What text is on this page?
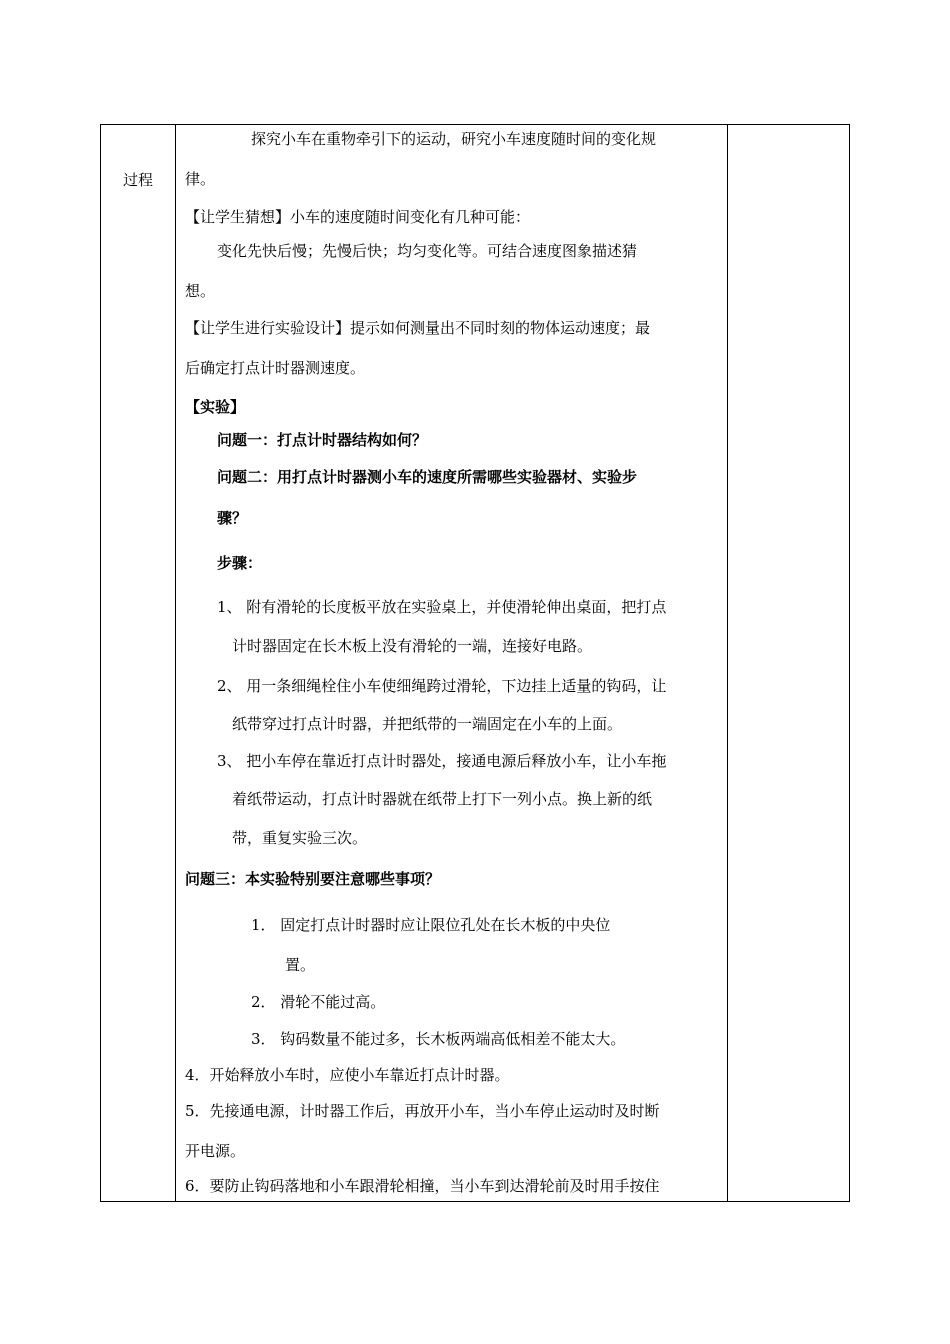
过程
探究小车在重物牵引下的运动，研究小车速度随时间的变化规
律。
【让学生猜想】小车的速度随时间变化有几种可能：
变化先快后慢；先慢后快；均匀变化等。可结合速度图象描述猜
想。
【让学生进行实验设计】提示如何测量出不同时刻的物体运动速度；最
后确定打点计时器测速度。
【实验】
问题一：打点计时器结构如何？
问题二：用打点计时器测小车的速度所需哪些实验器材、实验步
骤？
步骤：
1、 附有滑轮的长度板平放在实验桌上，并使滑轮伸出桌面，把打点
计时器固定在长木板上没有滑轮的一端，连接好电路。
2、 用一条细绳栓住小车使细绳跨过滑轮，下边挂上适量的钩码，让
纸带穿过打点计时器，并把纸带的一端固定在小车的上面。
3、 把小车停在靠近打点计时器处，接通电源后释放小车，让小车拖
着纸带运动，打点计时器就在纸带上打下一列小点。换上新的纸
带，重复实验三次。
问题三：本实验特别要注意哪些事项？
1． 固定打点计时器时应让限位孔处在长木板的中央位
置。
2． 滑轮不能过高。
3． 钩码数量不能过多，长木板两端高低相差不能太大。
4．开始释放小车时，应使小车靠近打点计时器。
5．先接通电源，计时器工作后，再放开小车，当小车停止运动时及时断
开电源。
6．要防止钩码落地和小车跟滑轮相撞，当小车到达滑轮前及时用手按住
